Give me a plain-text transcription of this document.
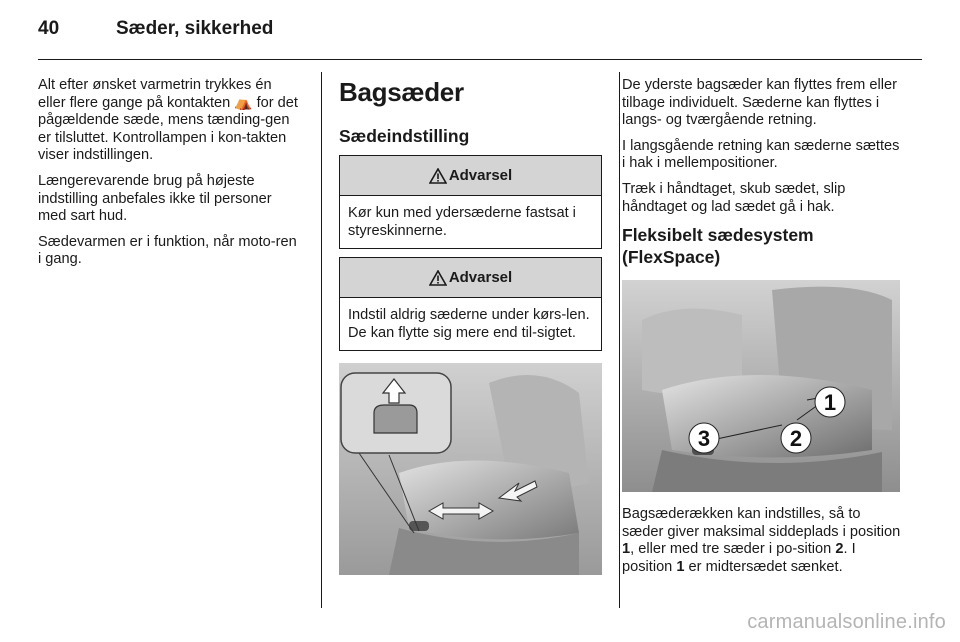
40	Sæder, sikkerhed

Alt efter ønsket varmetrin trykkes én eller flere gange på kontakten ⛺ for det pågældende sæde, mens tænding-gen er tilsluttet. Kontrollampen i kon-takten viser indstillingen.

Længerevarende brug på højeste indstilling anbefales ikke til personer med sart hud.

Sædevarmen er i funktion, når moto-ren i gang.

Bagsæder
Sædeindstilling
Advarsel
Kør kun med ydersæderne fastsat i styreskinnerne.
Advarsel
Indstil aldrig sæderne under kørs-len. De kan flytte sig mere end til-sigtet.

De yderste bagsæder kan flyttes frem eller tilbage individuelt. Sæderne kan flyttes i langs- og tværgående retning.

I langsgående retning kan sæderne sættes i hak i mellempositioner.

Træk i håndtaget, skub sædet, slip håndtaget og lad sædet gå i hak.

Fleksibelt sædesystem (FlexSpace)
1
2
3

Bagsæderækken kan indstilles, så to sæder giver maksimal siddeplads i position 1, eller med tre sæder i po-sition 2. I position 1 er midtersædet sænket.

carmanualsonline.info
